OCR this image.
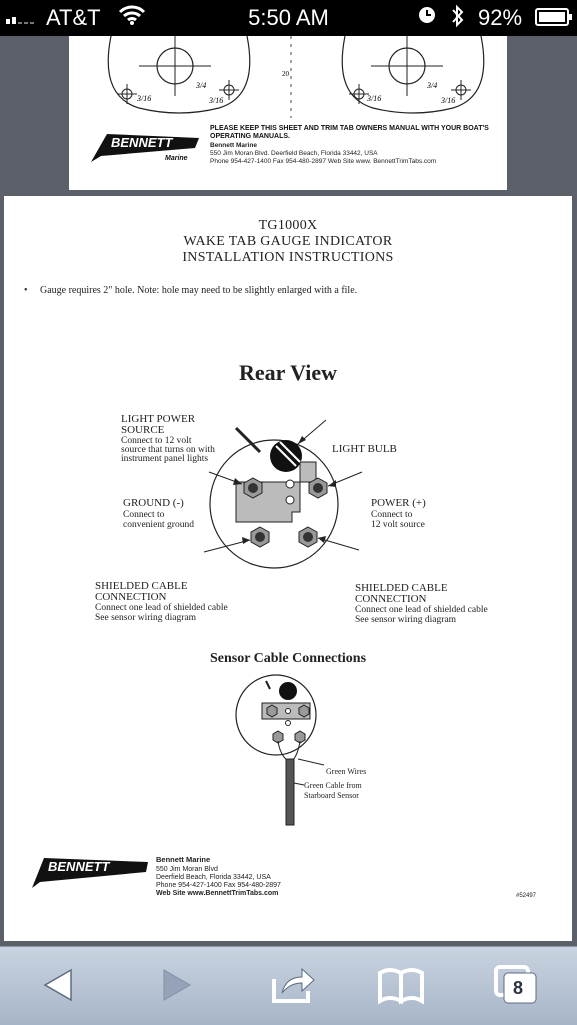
AT&T	5:50 AM	92%
3/16
3/4
3/16	3/16
3/4
3/16
20
BENNETT
Marine
PLEASE KEEP THIS SHEET AND TRIM TAB OWNERS MANUAL WITH YOUR BOAT'S OPERATING MANUALS.
Bennett Marine
550 Jim Moran Blvd. Deerfield Beach, Florida 33442, USA
Phone 954-427-1400 Fax 954-480-2897 Web Site www. BennettTrimTabs.com
TG1000X
WAKE TAB GAUGE INDICATOR
INSTALLATION INSTRUCTIONS
• Gauge requires 2" hole. Note: hole may need to be slightly enlarged with a file.
Rear View
LIGHT POWER
SOURCE
Connect to 12 volt
source that turns on with
instrument panel lights
LIGHT BULB
GROUND (-)
Connect to
convenient ground
POWER (+)
Connect to
12 volt source
SHIELDED CABLE
CONNECTION
Connect one lead of shielded cable
See sensor wiring diagram
SHIELDED CABLE
CONNECTION
Connect one lead of shielded cable
See sensor wiring diagram
Sensor Cable Connections
Green Wires
Green Cable from
Starboard Sensor
BENNETT
TRIM TABS
Bennett Marine
550 Jim Moran Blvd
Deerfield Beach, Florida 33442, USA
Phone 954-427-1400 Fax 954-480-2897
Web Site www.BennettTrimTabs.com	#52497
8
